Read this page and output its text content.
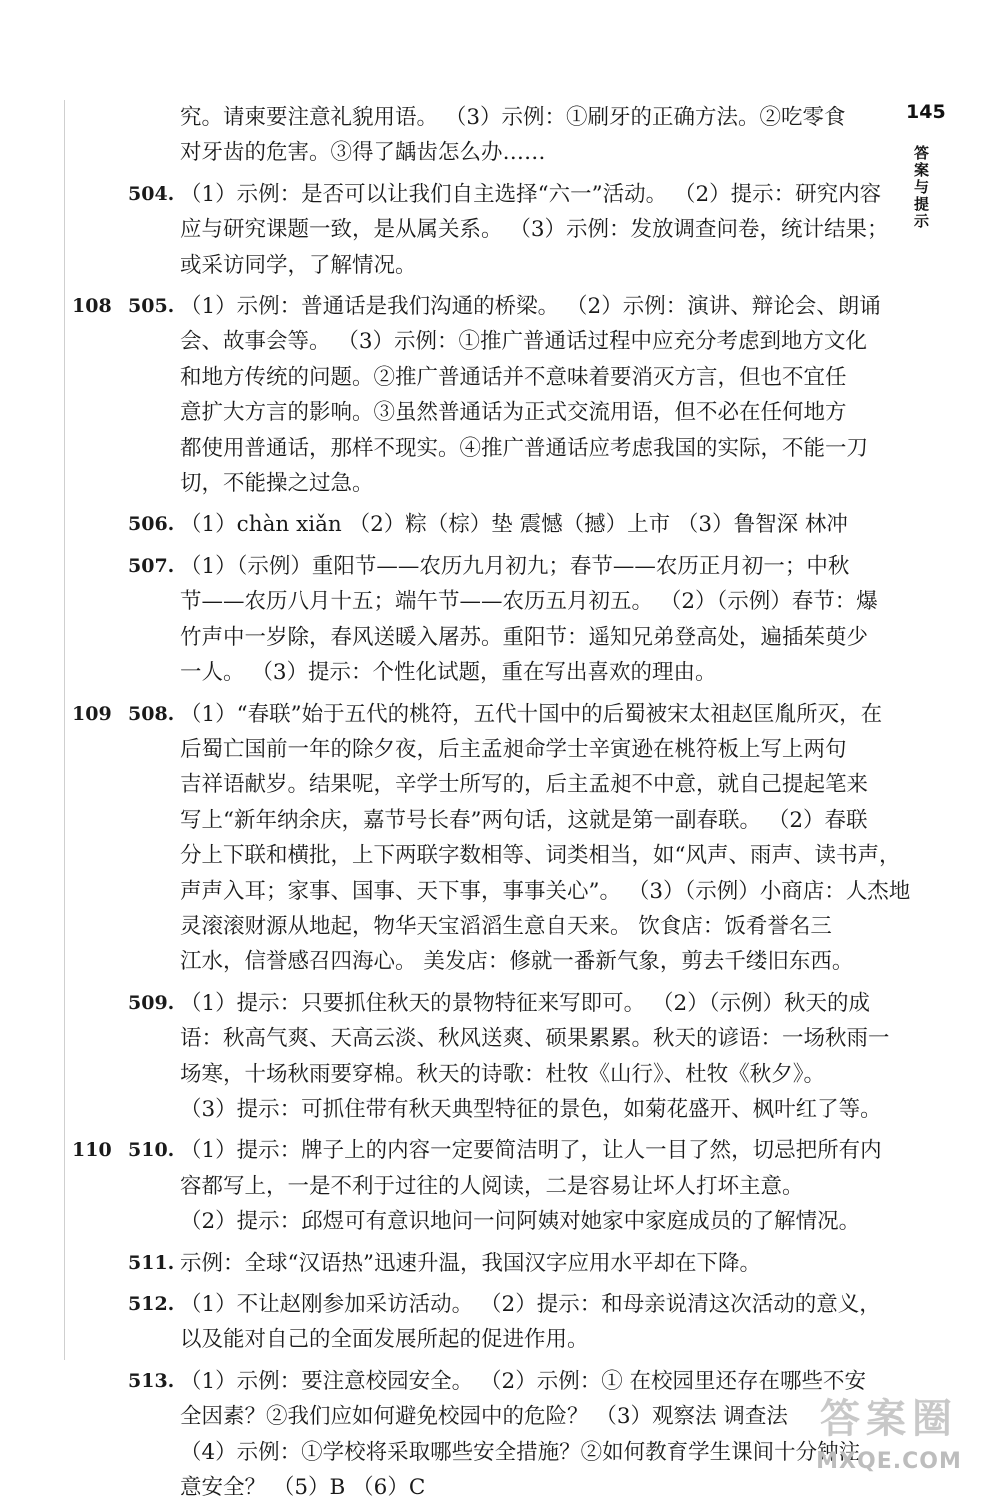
145
答案与提示
究。请柬要注意礼貌用语。 （3）示例：①刷牙的正确方法。②吃零食
对牙齿的危害。③得了龋齿怎么办……
504. （1）示例：是否可以让我们自主选择“六一”活动。 （2）提示：研究内容
应与研究课题一致，是从属关系。 （3）示例：发放调查问卷，统计结果；
或采访同学，了解情况。
108 505. （1）示例：普通话是我们沟通的桥梁。 （2）示例：演讲、辩论会、朗诵
会、故事会等。 （3）示例：①推广普通话过程中应充分考虑到地方文化
和地方传统的问题。②推广普通话并不意味着要消灭方言，但也不宜任
意扩大方言的影响。③虽然普通话为正式交流用语，但不必在任何地方
都使用普通话，那样不现实。④推广普通话应考虑我国的实际，不能一刀
切，不能操之过急。
506. （1）chàn xiǎn （2）粽（棕）垫 震憾（撼）上市 （3）鲁智深 林冲
507. （1）（示例）重阳节——农历九月初九；春节——农历正月初一；中秋
节——农历八月十五；端午节——农历五月初五。 （2）（示例）春节：爆
竹声中一岁除，春风送暖入屠苏。重阳节：遥知兄弟登高处，遍插茱萸少
一人。 （3）提示：个性化试题，重在写出喜欢的理由。
109 508. （1）“春联”始于五代的桃符，五代十国中的后蜀被宋太祖赵匡胤所灭，在
后蜀亡国前一年的除夕夜，后主孟昶命学士辛寅逊在桃符板上写上两句
吉祥语献岁。结果呢，辛学士所写的，后主孟昶不中意，就自己提起笔来
写上“新年纳余庆，嘉节号长春”两句话，这就是第一副春联。 （2）春联
分上下联和横批，上下两联字数相等、词类相当，如“风声、雨声、读书声，
声声入耳；家事、国事、天下事，事事关心”。 （3）（示例）小商店：人杰地
灵滚滚财源从地起，物华天宝滔滔生意自天来。 饮食店：饭肴誉名三
江水，信誉感召四海心。 美发店：修就一番新气象，剪去千缕旧东西。
509. （1）提示：只要抓住秋天的景物特征来写即可。 （2）（示例）秋天的成
语：秋高气爽、天高云淡、秋风送爽、硕果累累。秋天的谚语：一场秋雨一
场寒，十场秋雨要穿棉。秋天的诗歌：杜牧《山行》、杜牧《秋夕》。
（3）提示：可抓住带有秋天典型特征的景色，如菊花盛开、枫叶红了等。
110 510. （1）提示：牌子上的内容一定要简洁明了，让人一目了然，切忌把所有内
容都写上，一是不利于过往的人阅读，二是容易让坏人打坏主意。
（2）提示：邱煜可有意识地问一问阿姨对她家中家庭成员的了解情况。
511. 示例：全球“汉语热”迅速升温，我国汉字应用水平却在下降。
512. （1）不让赵刚参加采访活动。 （2）提示：和母亲说清这次活动的意义，
以及能对自己的全面发展所起的促进作用。
513. （1）示例：要注意校园安全。 （2）示例：① 在校园里还存在哪些不安
全因素？②我们应如何避免校园中的危险？ （3）观察法 调查法
（4）示例：①学校将采取哪些安全措施？②如何教育学生课间十分钟注
意安全？ （5）B （6）C
答案圈
MXQE.COM
